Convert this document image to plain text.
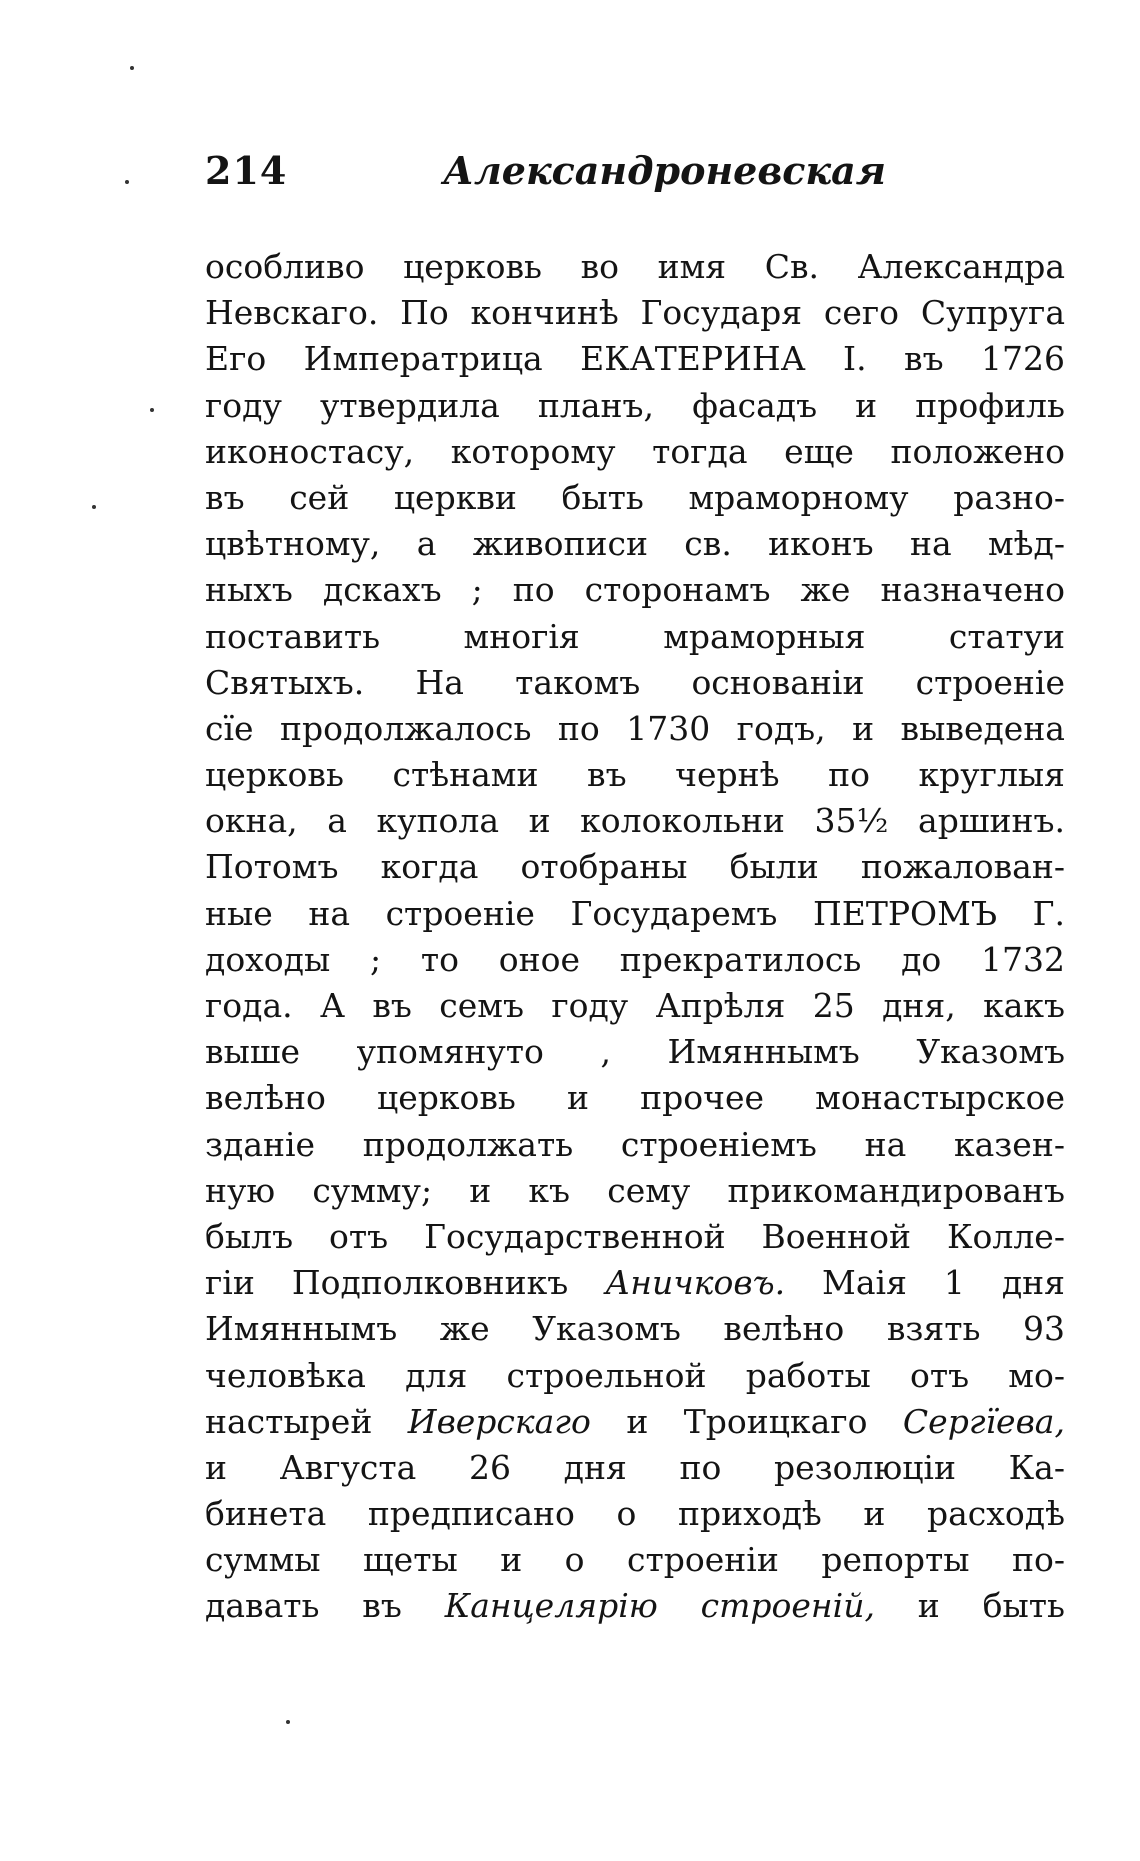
214	Александроневская
особливо церковь во имя Св. Александра
Невскаго. По кончинѣ Государя сего Супруга
Его Императрица ЕКАТЕРИНА I. въ 1726
году утвердила планъ, фасадъ и профиль
иконостасу, которому тогда еще положено
въ сей церкви быть мраморному разно-
цвѣтному, а живописи св. иконъ на мѣд-
ныхъ дскахъ ; по сторонамъ же назначено
поставить многія мраморныя статуи
Святыхъ. На такомъ основаніи строеніе
сїе продолжалось по 1730 годъ, и выведена
церковь стѣнами въ чернѣ по круглыя
окна, а купола и колокольни 35½ аршинъ.
Потомъ когда отобраны были пожалован-
ные на строеніе Государемъ ПЕТРОМЪ Г.
доходы ; то оное прекратилось до 1732
года. А въ семъ году Апрѣля 25 дня, какъ
выше упомянуто , Имяннымъ Указомъ
велѣно церковь и прочее монастырское
зданіе продолжать строеніемъ на казен-
ную сумму; и къ сему прикомандированъ
былъ отъ Государственной Военной Колле-
гіи Подполковникъ Аничковъ. Маія 1 дня
Имяннымъ же Указомъ велѣно взять 93
человѣка для строельной работы отъ мо-
настырей Иверскаго и Троицкаго Сергїева,
и Августа 26 дня по резолюціи Ка-
бинета предписано о приходѣ и расходѣ
суммы щеты и о строеніи репорты по-
давать въ Канцелярію строеній, и быть
